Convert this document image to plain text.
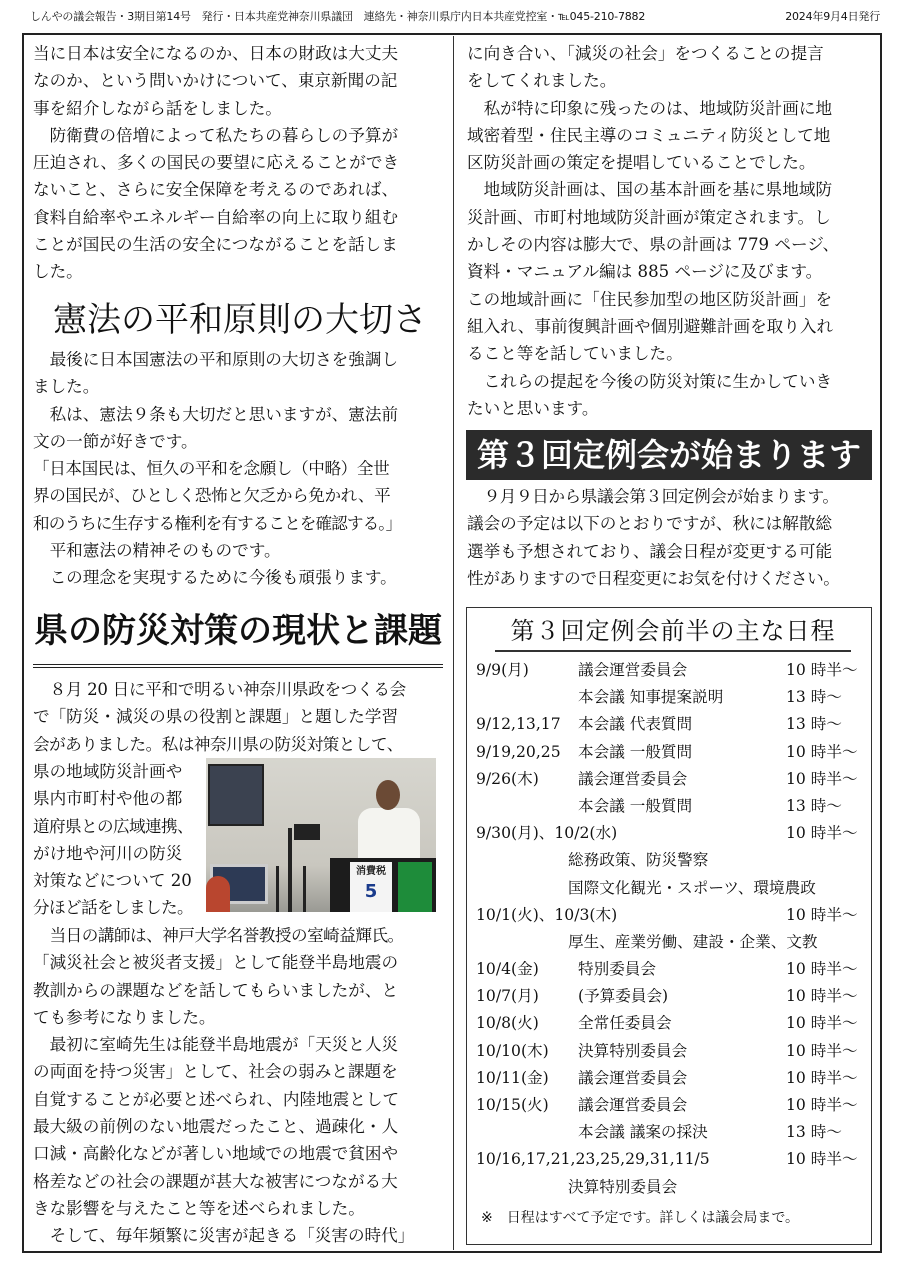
しんやの議会報告・3期目第14号　発行・日本共産党神奈川県議団　連絡先・神奈川県庁内日本共産党控室・℡045-210-7882	2024年9月4日発行

当に日本は安全になるのか、日本の財政は大丈夫

なのか、という問いかけについて、東京新聞の記

事を紹介しながら話をしました。

防衛費の倍増によって私たちの暮らしの予算が

圧迫され、多くの国民の要望に応えることができ

ないこと、さらに安全保障を考えるのであれば、

食料自給率やエネルギー自給率の向上に取り組む

ことが国民の生活の安全につながることを話しま

した。

憲法の平和原則の大切さ

最後に日本国憲法の平和原則の大切さを強調し

ました。

私は、憲法９条も大切だと思いますが、憲法前

文の一節が好きです。

「日本国民は、恒久の平和を念願し（中略）全世

界の国民が、ひとしく恐怖と欠乏から免かれ、平

和のうちに生存する権利を有することを確認する。」

平和憲法の精神そのものです。

この理念を実現するために今後も頑張ります。

県の防災対策の現状と課題

８月 20 日に平和で明るい神奈川県政をつくる会

で「防災・減災の県の役割と課題」と題した学習

会がありました。私は神奈川県の防災対策として、

県の地域防災計画や

県内市町村や他の都

道府県との広域連携、

がけ地や河川の防災

対策などについて 20

分ほど話をしました。

消費税
5

当日の講師は、神戸大学名誉教授の室崎益輝氏。

「減災社会と被災者支援」として能登半島地震の

教訓からの課題などを話してもらいましたが、と

ても参考になりました。

最初に室崎先生は能登半島地震が「天災と人災

の両面を持つ災害」として、社会の弱みと課題を

自覚することが必要と述べられ、内陸地震として

最大級の前例のない地震だったこと、過疎化・人

口減・高齢化などが著しい地域での地震で貧困や

格差などの社会の課題が甚大な被害につながる大

きな影響を与えたこと等を述べられました。

そして、毎年頻繁に災害が起きる「災害の時代」

に向き合い、「減災の社会」をつくることの提言

をしてくれました。

私が特に印象に残ったのは、地域防災計画に地

域密着型・住民主導のコミュニティ防災として地

区防災計画の策定を提唱していることでした。

地域防災計画は、国の基本計画を基に県地域防

災計画、市町村地域防災計画が策定されます。し

かしその内容は膨大で、県の計画は 779 ページ、

資料・マニュアル編は 885 ページに及びます。

この地域計画に「住民参加型の地区防災計画」を

組入れ、事前復興計画や個別避難計画を取り入れ

ること等を話していました。

これらの提起を今後の防災対策に生かしていき

たいと思います。

第３回定例会が始まります

９月９日から県議会第３回定例会が始まります。

議会の予定は以下のとおりですが、秋には解散総

選挙も予想されており、議会日程が変更する可能

性がありますので日程変更にお気を付けください。

第３回定例会前半の主な日程
9/9(月)	議会運営委員会	10 時半～
本会議 知事提案説明	13 時～
9/12,13,17 本会議 代表質問	13 時～
9/19,20,25 本会議 一般質問	10 時半～
9/26(木)	議会運営委員会	10 時半～
本会議 一般質問	13 時～
9/30(月)、10/2(水)	10 時半～
総務政策、防災警察
国際文化観光・スポーツ、環境農政
10/1(火)、10/3(木)	10 時半～
厚生、産業労働、建設・企業、文教
10/4(金)	特別委員会	10 時半～
10/7(月)	(予算委員会)	10 時半～
10/8(火)	全常任委員会	10 時半～
10/10(木) 決算特別委員会	10 時半～
10/11(金) 議会運営委員会	10 時半～
10/15(火) 議会運営委員会	10 時半～
本会議 議案の採決	13 時～
10/16,17,21,23,25,29,31,11/5	10 時半～
決算特別委員会
※　日程はすべて予定です。詳しくは議会局まで。
